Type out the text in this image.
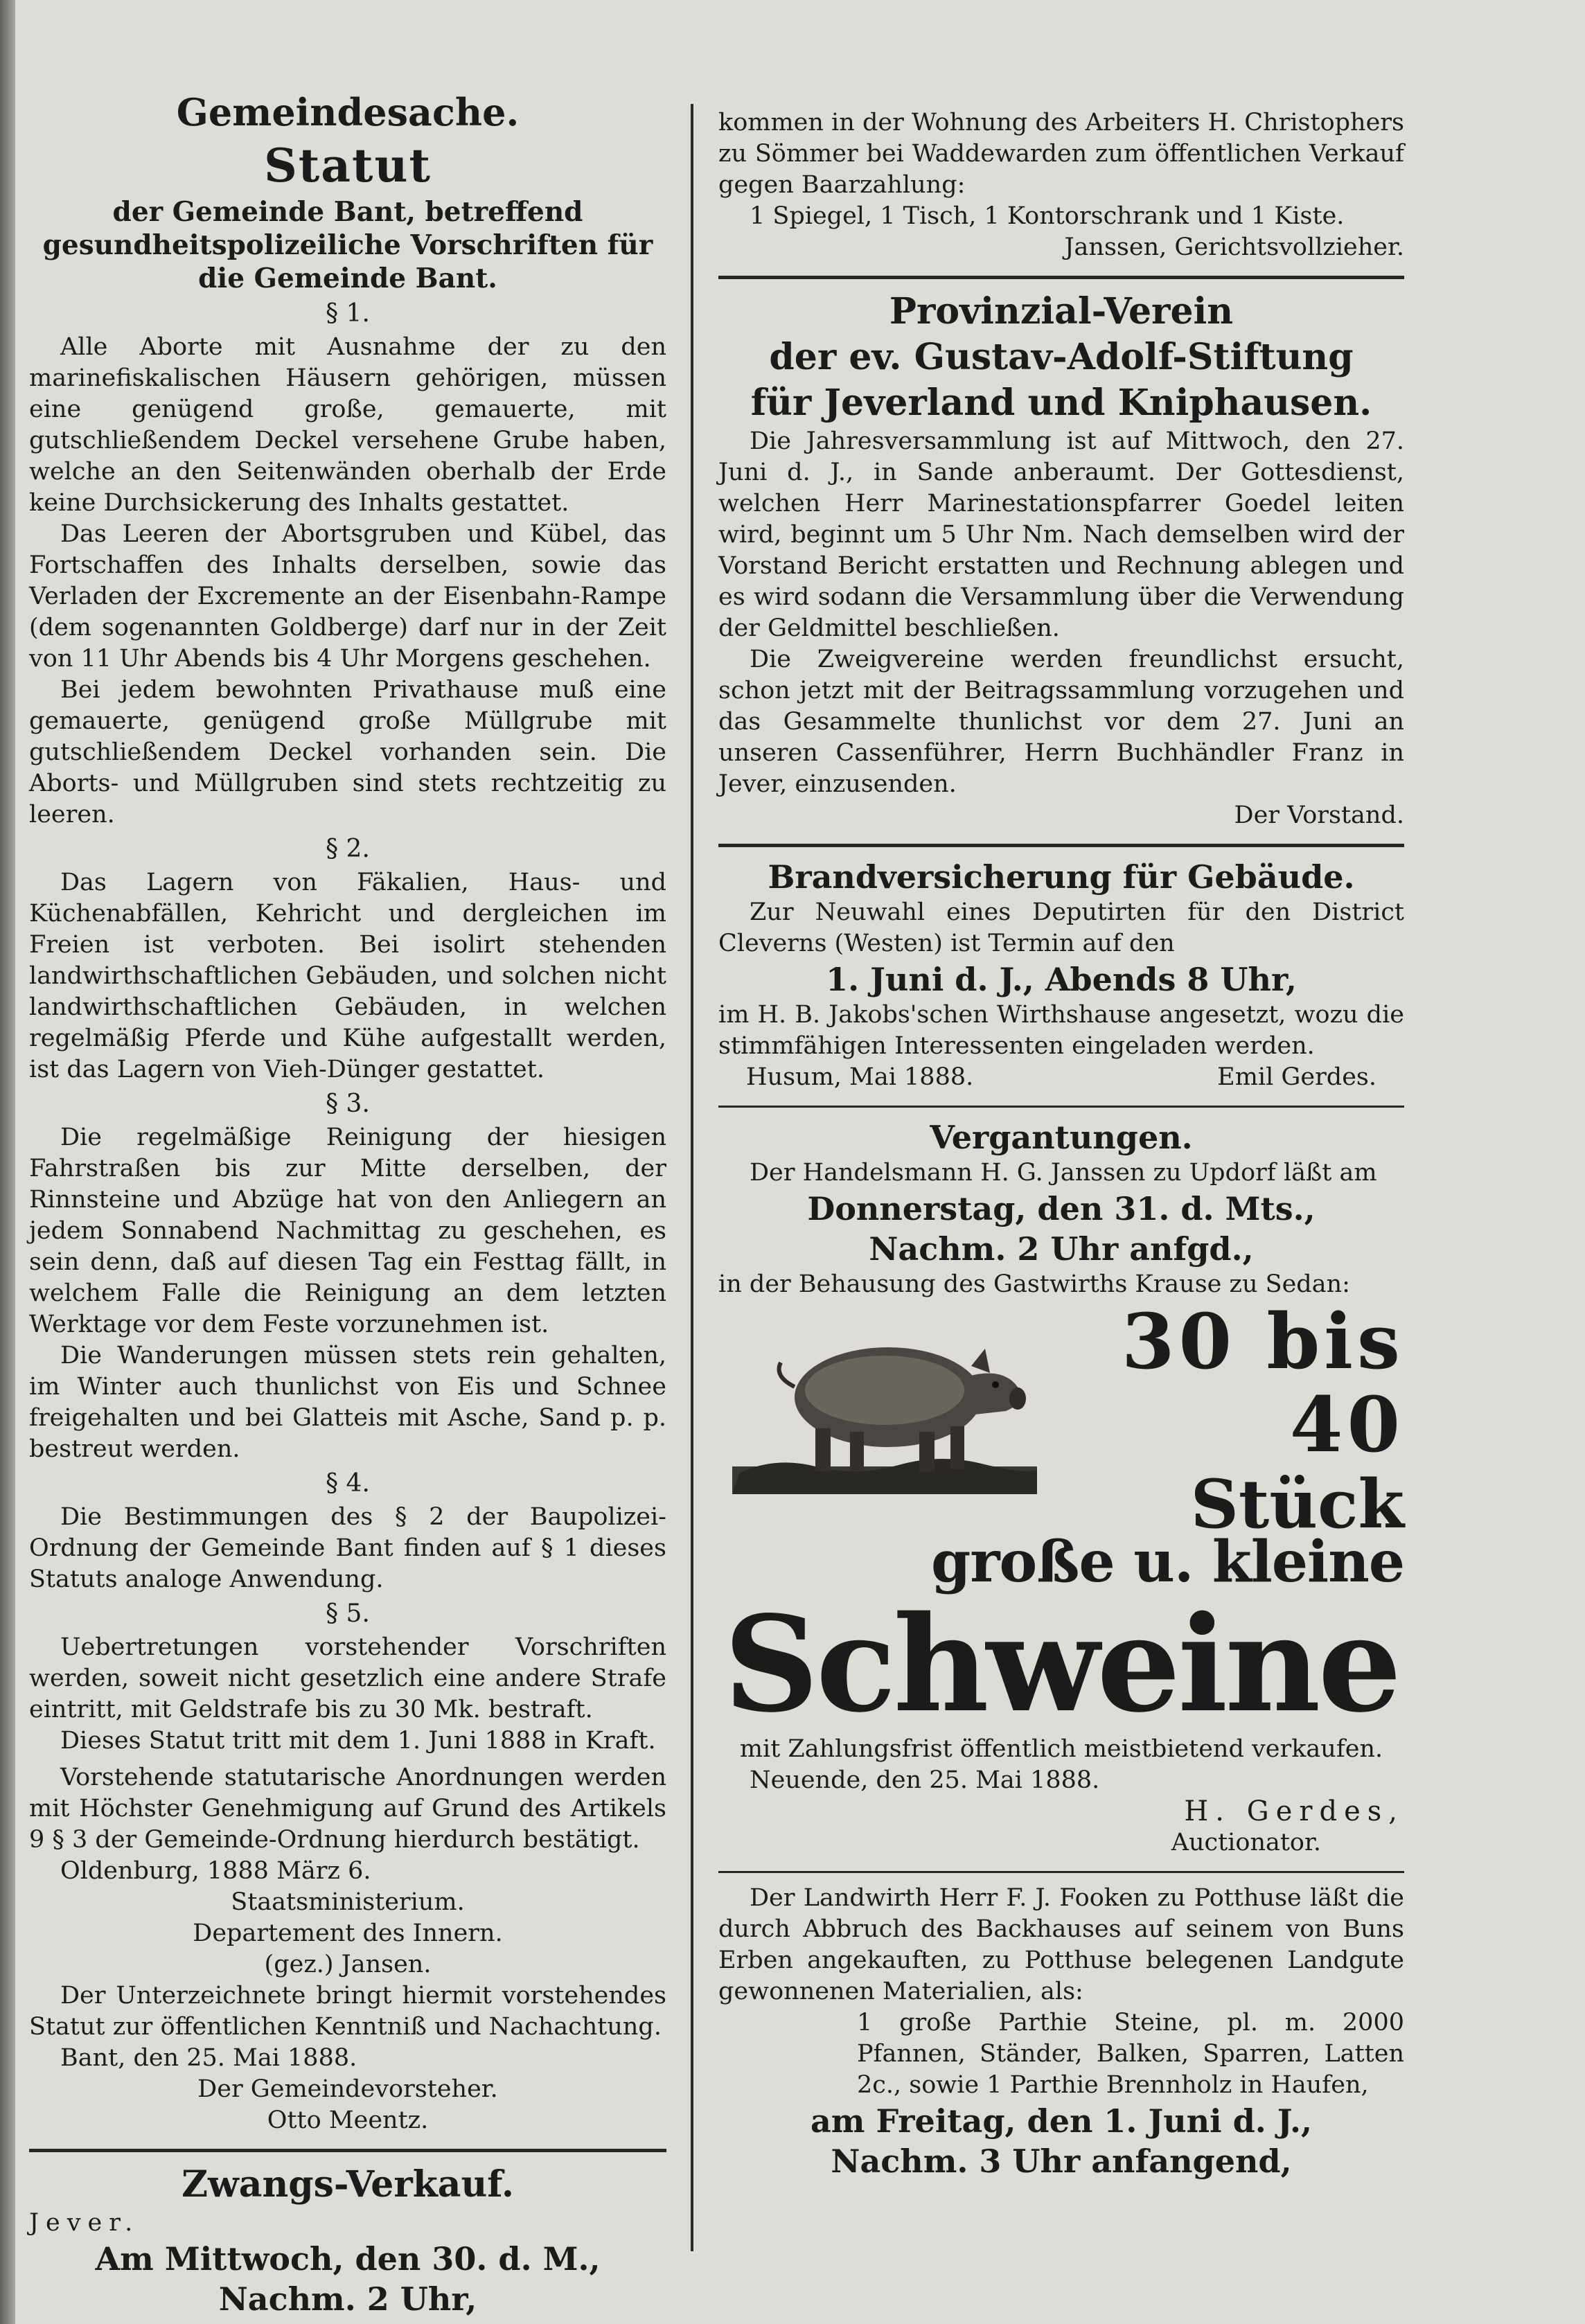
Gemeindesache.
Statut
der Gemeinde Bant, betreffend gesundheitspolizeiliche Vorschriften für die Gemeinde Bant.
§ 1.

Alle Aborte mit Ausnahme der zu den marinefiskalischen Häusern gehörigen, müssen eine genügend große, gemauerte, mit gutschließendem Deckel versehene Grube haben, welche an den Seitenwänden oberhalb der Erde keine Durchsickerung des Inhalts gestattet.

Das Leeren der Abortsgruben und Kübel, das Fortschaffen des Inhalts derselben, sowie das Verladen der Excremente an der Eisenbahn-Rampe (dem sogenannten Goldberge) darf nur in der Zeit von 11 Uhr Abends bis 4 Uhr Morgens geschehen.

Bei jedem bewohnten Privathause muß eine gemauerte, genügend große Müllgrube mit gutschließendem Deckel vorhanden sein. Die Aborts- und Müllgruben sind stets rechtzeitig zu leeren.

§ 2.

Das Lagern von Fäkalien, Haus- und Küchenabfällen, Kehricht und dergleichen im Freien ist verboten. Bei isolirt stehenden landwirthschaftlichen Gebäuden, und solchen nicht landwirthschaftlichen Gebäuden, in welchen regelmäßig Pferde und Kühe aufgestallt werden, ist das Lagern von Vieh-Dünger gestattet.

§ 3.

Die regelmäßige Reinigung der hiesigen Fahrstraßen bis zur Mitte derselben, der Rinnsteine und Abzüge hat von den Anliegern an jedem Sonnabend Nachmittag zu geschehen, es sein denn, daß auf diesen Tag ein Festtag fällt, in welchem Falle die Reinigung an dem letzten Werktage vor dem Feste vorzunehmen ist.

Die Wanderungen müssen stets rein gehalten, im Winter auch thunlichst von Eis und Schnee freigehalten und bei Glatteis mit Asche, Sand p. p. bestreut werden.

§ 4.

Die Bestimmungen des § 2 der Baupolizei-Ordnung der Gemeinde Bant finden auf § 1 dieses Statuts analoge Anwendung.

§ 5.

Uebertretungen vorstehender Vorschriften werden, soweit nicht gesetzlich eine andere Strafe eintritt, mit Geldstrafe bis zu 30 Mk. bestraft.

Dieses Statut tritt mit dem 1. Juni 1888 in Kraft.

Vorstehende statutarische Anordnungen werden mit Höchster Genehmigung auf Grund des Artikels 9 § 3 der Gemeinde-Ordnung hierdurch bestätigt.

Oldenburg, 1888 März 6.

Staatsministerium.

Departement des Innern.

(gez.) Jansen.

Der Unterzeichnete bringt hiermit vorstehendes Statut zur öffentlichen Kenntniß und Nachachtung.

Bant, den 25. Mai 1888.

Der Gemeindevorsteher.

Otto Meentz.

Zwangs-Verkauf.
Jever.
Am Mittwoch, den 30. d. M.,
Nachm. 2 Uhr,

kommen in der Wohnung des Arbeiters H. Christophers zu Sömmer bei Waddewarden zum öffentlichen Verkauf gegen Baarzahlung:

1 Spiegel, 1 Tisch, 1 Kontorschrank und 1 Kiste.

Janssen, Gerichtsvollzieher.

Provinzial-Verein
der ev. Gustav-Adolf-Stiftung
für Jeverland und Kniphausen.

Die Jahresversammlung ist auf Mittwoch, den 27. Juni d. J., in Sande anberaumt. Der Gottesdienst, welchen Herr Marinestationspfarrer Goedel leiten wird, beginnt um 5 Uhr Nm. Nach demselben wird der Vorstand Bericht erstatten und Rechnung ablegen und es wird sodann die Versammlung über die Verwendung der Geldmittel beschließen.

Die Zweigvereine werden freundlichst ersucht, schon jetzt mit der Beitragssammlung vorzugehen und das Gesammelte thunlichst vor dem 27. Juni an unseren Cassenführer, Herrn Buchhändler Franz in Jever, einzusenden.

Der Vorstand.

Brandversicherung für Gebäude.

Zur Neuwahl eines Deputirten für den District Cleverns (Westen) ist Termin auf den

1. Juni d. J., Abends 8 Uhr,

im H. B. Jakobs'schen Wirthshause angesetzt, wozu die stimmfähigen Interessenten eingeladen werden.

Husum, Mai 1888.	Emil Gerdes.
Vergantungen.

Der Handelsmann H. G. Janssen zu Updorf läßt am

Donnerstag, den 31. d. Mts.,
Nachm. 2 Uhr anfgd.,

in der Behausung des Gastwirths Krause zu Sedan:

30 bis 40
Stück
große u. kleine
Schweine

mit Zahlungsfrist öffentlich meistbietend verkaufen.

Neuende, den 25. Mai 1888.

H. Gerdes,

Auctionator.

Der Landwirth Herr F. J. Fooken zu Potthuse läßt die durch Abbruch des Backhauses auf seinem von Buns Erben angekauften, zu Potthuse belegenen Landgute gewonnenen Materialien, als:

1 große Parthie Steine, pl. m. 2000 Pfannen, Ständer, Balken, Sparren, Latten 2c., sowie 1 Parthie Brennholz in Haufen,

am Freitag, den 1. Juni d. J.,
Nachm. 3 Uhr anfangend,
